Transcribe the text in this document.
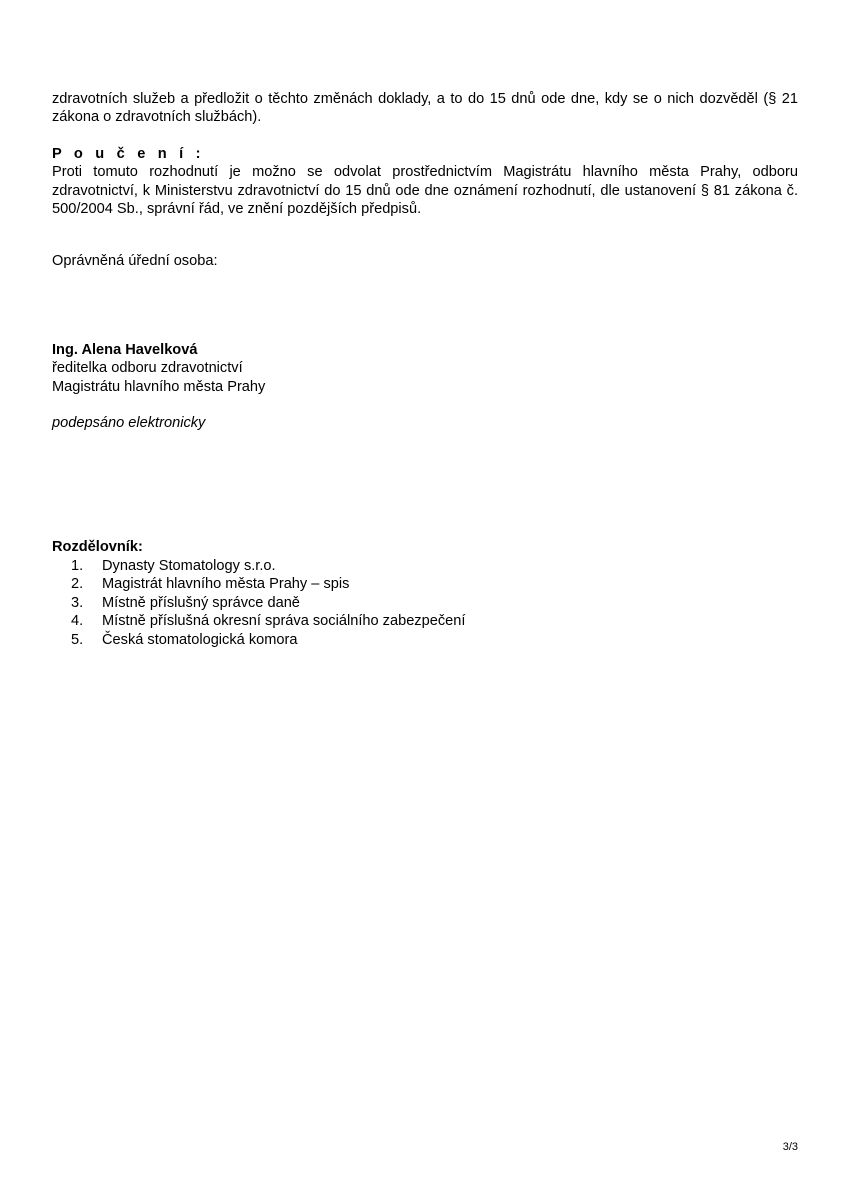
zdravotních služeb a předložit o těchto změnách doklady, a to do 15 dnů ode dne, kdy se o nich dozvěděl (§ 21 zákona o zdravotních službách).
P o u č e n í :
Proti tomuto rozhodnutí je možno se odvolat prostřednictvím Magistrátu hlavního města Prahy, odboru zdravotnictví, k Ministerstvu zdravotnictví do 15 dnů ode dne oznámení rozhodnutí, dle ustanovení § 81 zákona č. 500/2004 Sb., správní řád, ve znění pozdějších předpisů.
Oprávněná úřední osoba:
Ing. Alena Havelková
ředitelka odboru zdravotnictví
Magistrátu hlavního města Prahy
podepsáno elektronicky
Rozdělovník:
1.	Dynasty Stomatology s.r.o.
2.	Magistrát hlavního města Prahy – spis
3.	Místně příslušný správce daně
4.	Místně příslušná okresní správa sociálního zabezpečení
5.	Česká stomatologická komora
3/3
